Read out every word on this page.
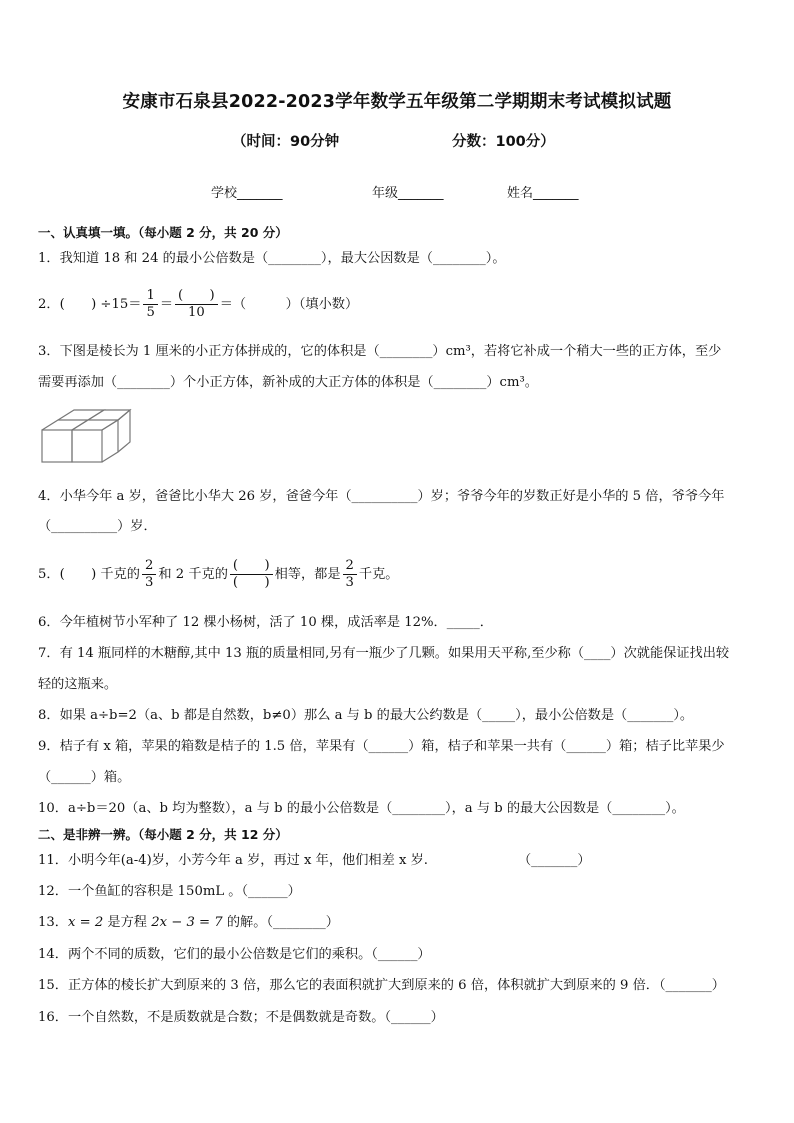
安康市石泉县2022-2023学年数学五年级第二学期期末考试模拟试题
（时间：90分钟	分数：100分）
学校_______	年级_______	姓名_______
一、认真填一填。（每小题 2 分，共 20 分）
1．我知道 18 和 24 的最小公倍数是（________），最大公因数是（________）。
2．(　　) $\div 15= \frac{1}{5} = \frac{( )}{10}$ ＝（　　　）（填小数）
3．下图是棱长为 1 厘米的小正方体拼成的，它的体积是（________）cm³，若将它补成一个稍大一些的正方体，至少
需要再添加（________）个小正方体，新补成的大正方体的体积是（________）cm³。
4．小华今年 a 岁，爸爸比小华大 26 岁，爸爸今年（__________）岁；爷爷今年的岁数正好是小华的 5 倍，爷爷今年
（__________）岁．
5．(　　) 千克的 $\frac{2}{3}$ 和 2 千克的 $\frac{( )}{( )}$ 相等，都是 $\frac{2}{3}$ 千克。
6．今年植树节小军种了 12 棵小杨树，活了 10 棵，成活率是 12%．_____．
7．有 14 瓶同样的木糖醇,其中 13 瓶的质量相同,另有一瓶少了几颗。如果用天平称,至少称（____）次就能保证找出较
轻的这瓶来。
8．如果 a÷b=2（a、b 都是自然数，b≠0）那么 a 与 b 的最大公约数是（_____），最小公倍数是（_______）。
9．桔子有 x 箱，苹果的箱数是桔子的 1.5 倍，苹果有（______）箱，桔子和苹果一共有（______）箱；桔子比苹果少
（______）箱。
10．a÷b＝20（a、b 均为整数），a 与 b 的最小公倍数是（________），a 与 b 的最大公因数是（________）。
二、是非辨一辨。（每小题 2 分，共 12 分）
11．小明今年(a-4)岁，小芳今年 a 岁，再过 x 年，他们相差 x 岁.	（_______）
12．一个鱼缸的容积是 150mL 。（______）
13．x = 2 是方程 2x − 3 = 7 的解。（________）
14．两个不同的质数，它们的最小公倍数是它们的乘积。（______）
15．正方体的棱长扩大到原来的 3 倍，那么它的表面积就扩大到原来的 6 倍，体积就扩大到原来的 9 倍．（_______）
16．一个自然数，不是质数就是合数；不是偶数就是奇数。（______）
